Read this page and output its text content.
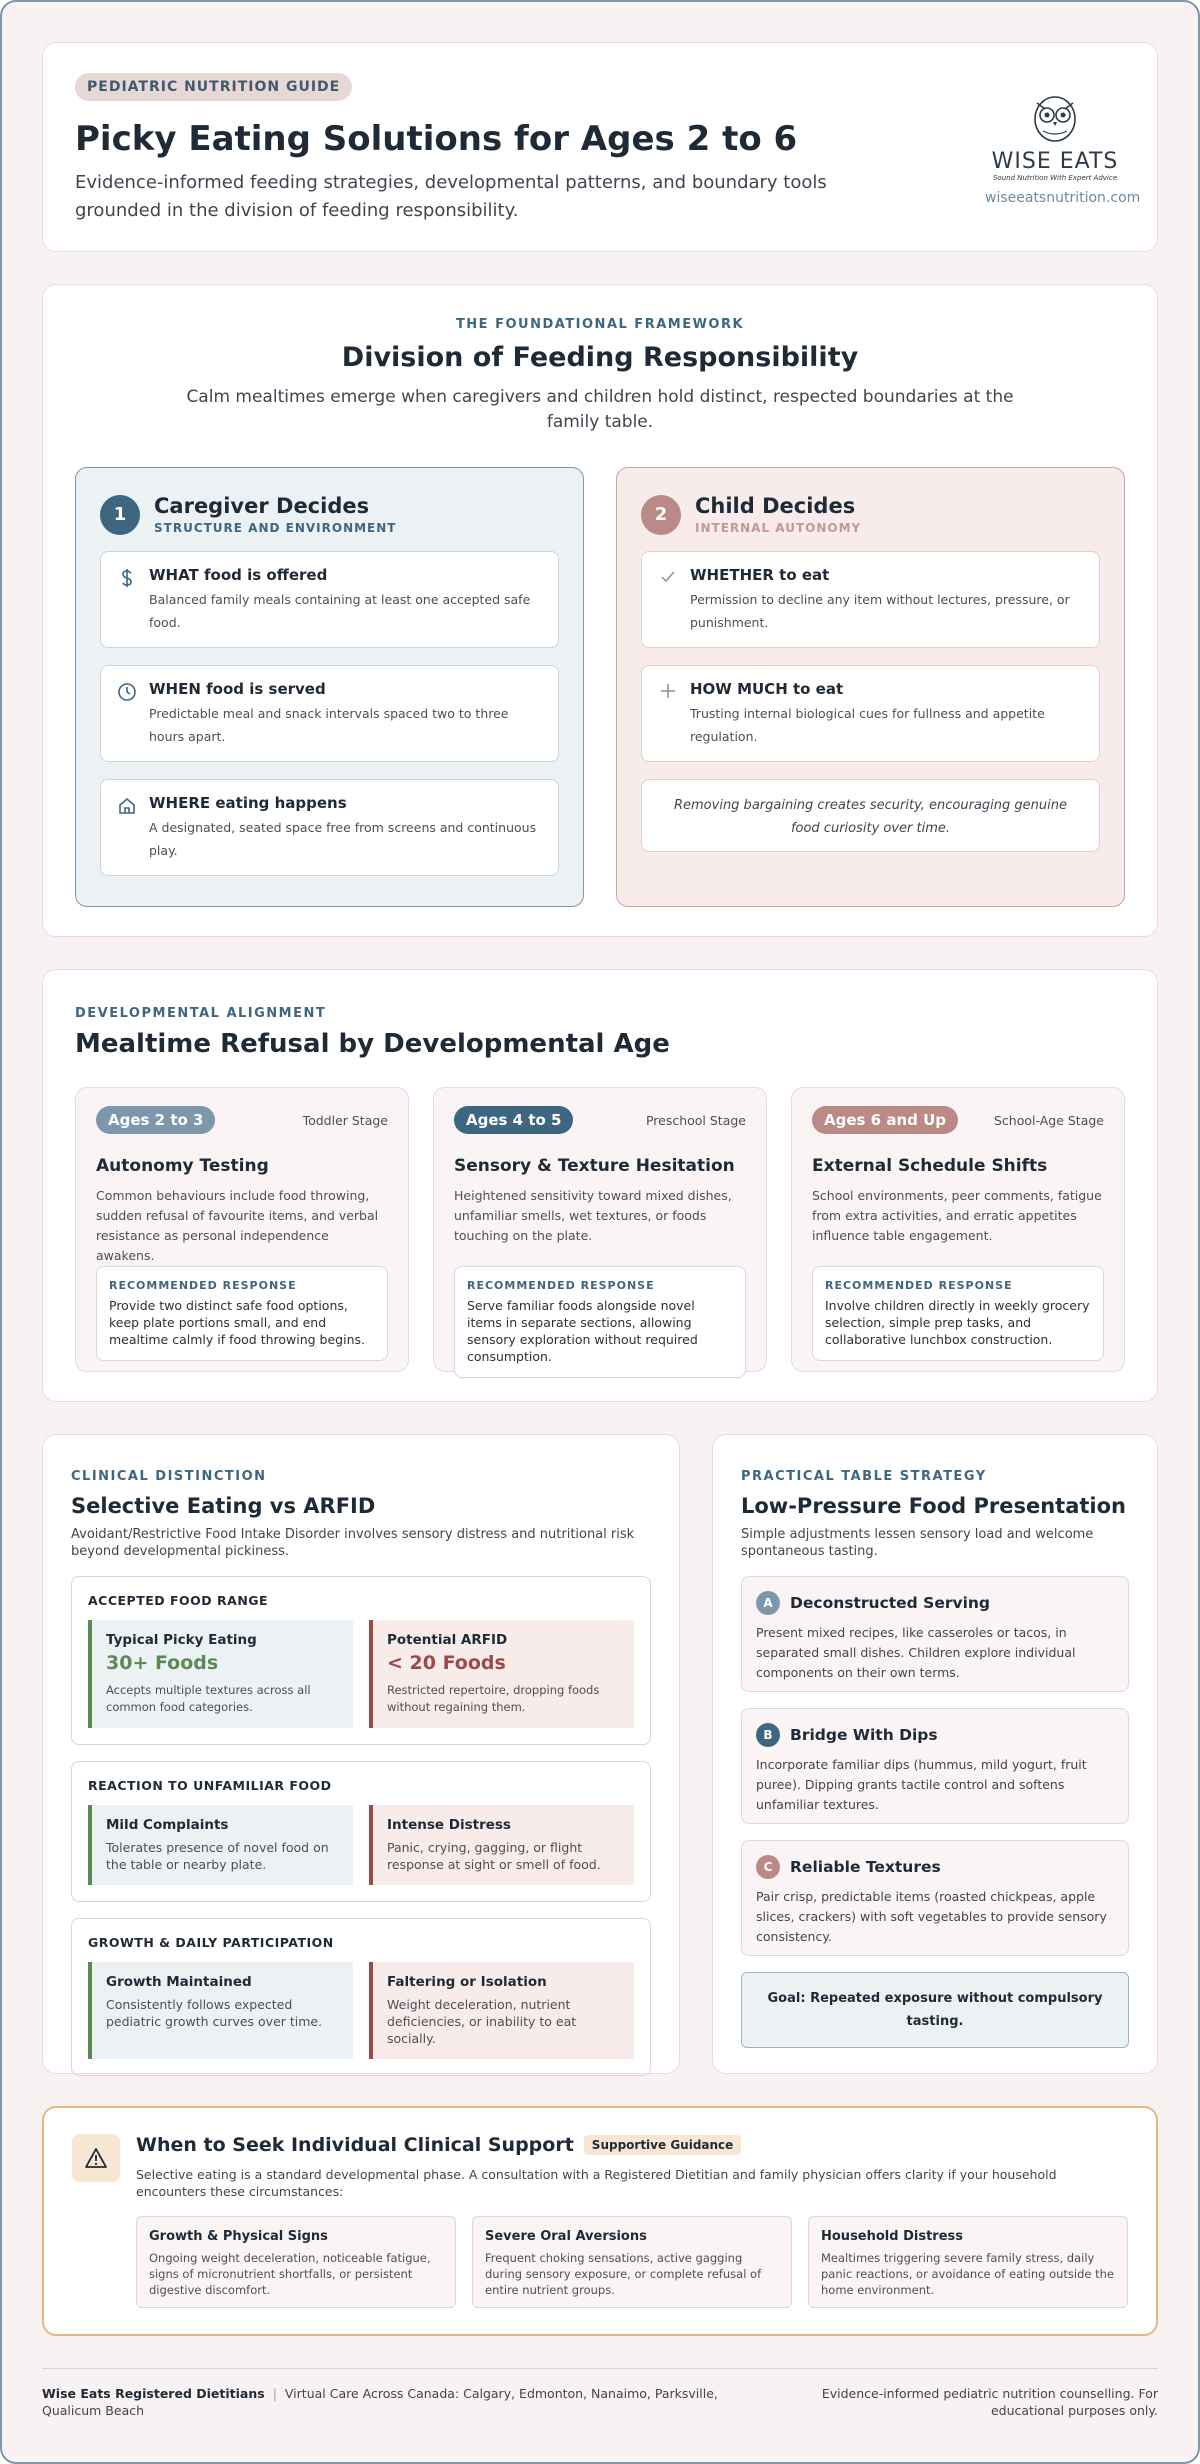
PEDIATRIC NUTRITION GUIDE
Picky Eating Solutions for Ages 2 to 6
Evidence-informed feeding strategies, developmental patterns, and boundary tools grounded in the division of feeding responsibility.
WISE EATS
Sound Nutrition With Expert Advice
wiseeatsnutrition.com
THE FOUNDATIONAL FRAMEWORK
Division of Feeding Responsibility
Calm mealtimes emerge when caregivers and children hold distinct, respected boundaries at the family table.
1	Caregiver Decides
STRUCTURE AND ENVIRONMENT
WHAT food is offered
Balanced family meals containing at least one accepted safe food.
WHEN food is served
Predictable meal and snack intervals spaced two to three hours apart.
WHERE eating happens
A designated, seated space free from screens and continuous play.
2	Child Decides
INTERNAL AUTONOMY
WHETHER to eat
Permission to decline any item without lectures, pressure, or punishment.
HOW MUCH to eat
Trusting internal biological cues for fullness and appetite regulation.
Removing bargaining creates security, encouraging genuine food curiosity over time.
DEVELOPMENTAL ALIGNMENT
Mealtime Refusal by Developmental Age
Ages 2 to 3	Toddler Stage
Autonomy Testing
Common behaviours include food throwing, sudden refusal of favourite items, and verbal resistance as personal independence awakens.
RECOMMENDED RESPONSE
Provide two distinct safe food options, keep plate portions small, and end mealtime calmly if food throwing begins.
Ages 4 to 5	Preschool Stage
Sensory & Texture Hesitation
Heightened sensitivity toward mixed dishes, unfamiliar smells, wet textures, or foods touching on the plate.
RECOMMENDED RESPONSE
Serve familiar foods alongside novel items in separate sections, allowing sensory exploration without required consumption.
Ages 6 and Up	School-Age Stage
External Schedule Shifts
School environments, peer comments, fatigue from extra activities, and erratic appetites influence table engagement.
RECOMMENDED RESPONSE
Involve children directly in weekly grocery selection, simple prep tasks, and collaborative lunchbox construction.
CLINICAL DISTINCTION
Selective Eating vs ARFID
Avoidant/Restrictive Food Intake Disorder involves sensory distress and nutritional risk beyond developmental pickiness.
ACCEPTED FOOD RANGE
Typical Picky Eating
30+ Foods
Accepts multiple textures across all common food categories.
Potential ARFID
< 20 Foods
Restricted repertoire, dropping foods without regaining them.
REACTION TO UNFAMILIAR FOOD
Mild Complaints
Tolerates presence of novel food on the table or nearby plate.
Intense Distress
Panic, crying, gagging, or flight response at sight or smell of food.
GROWTH & DAILY PARTICIPATION
Growth Maintained
Consistently follows expected pediatric growth curves over time.
Faltering or Isolation
Weight deceleration, nutrient deficiencies, or inability to eat socially.
PRACTICAL TABLE STRATEGY
Low-Pressure Food Presentation
Simple adjustments lessen sensory load and welcome spontaneous tasting.
A	Deconstructed Serving
Present mixed recipes, like casseroles or tacos, in separated small dishes. Children explore individual components on their own terms.
B	Bridge With Dips
Incorporate familiar dips (hummus, mild yogurt, fruit puree). Dipping grants tactile control and softens unfamiliar textures.
C	Reliable Textures
Pair crisp, predictable items (roasted chickpeas, apple slices, crackers) with soft vegetables to provide sensory consistency.
Goal: Repeated exposure without compulsory tasting.
When to Seek Individual Clinical Support	Supportive Guidance
Selective eating is a standard developmental phase. A consultation with a Registered Dietitian and family physician offers clarity if your household encounters these circumstances:
Growth & Physical Signs
Ongoing weight deceleration, noticeable fatigue, signs of micronutrient shortfalls, or persistent digestive discomfort.
Severe Oral Aversions
Frequent choking sensations, active gagging during sensory exposure, or complete refusal of entire nutrient groups.
Household Distress
Mealtimes triggering severe family stress, daily panic reactions, or avoidance of eating outside the home environment.
Wise Eats Registered Dietitians | Virtual Care Across Canada: Calgary, Edmonton, Nanaimo, Parksville, Qualicum Beach
Evidence-informed pediatric nutrition counselling. For educational purposes only.
